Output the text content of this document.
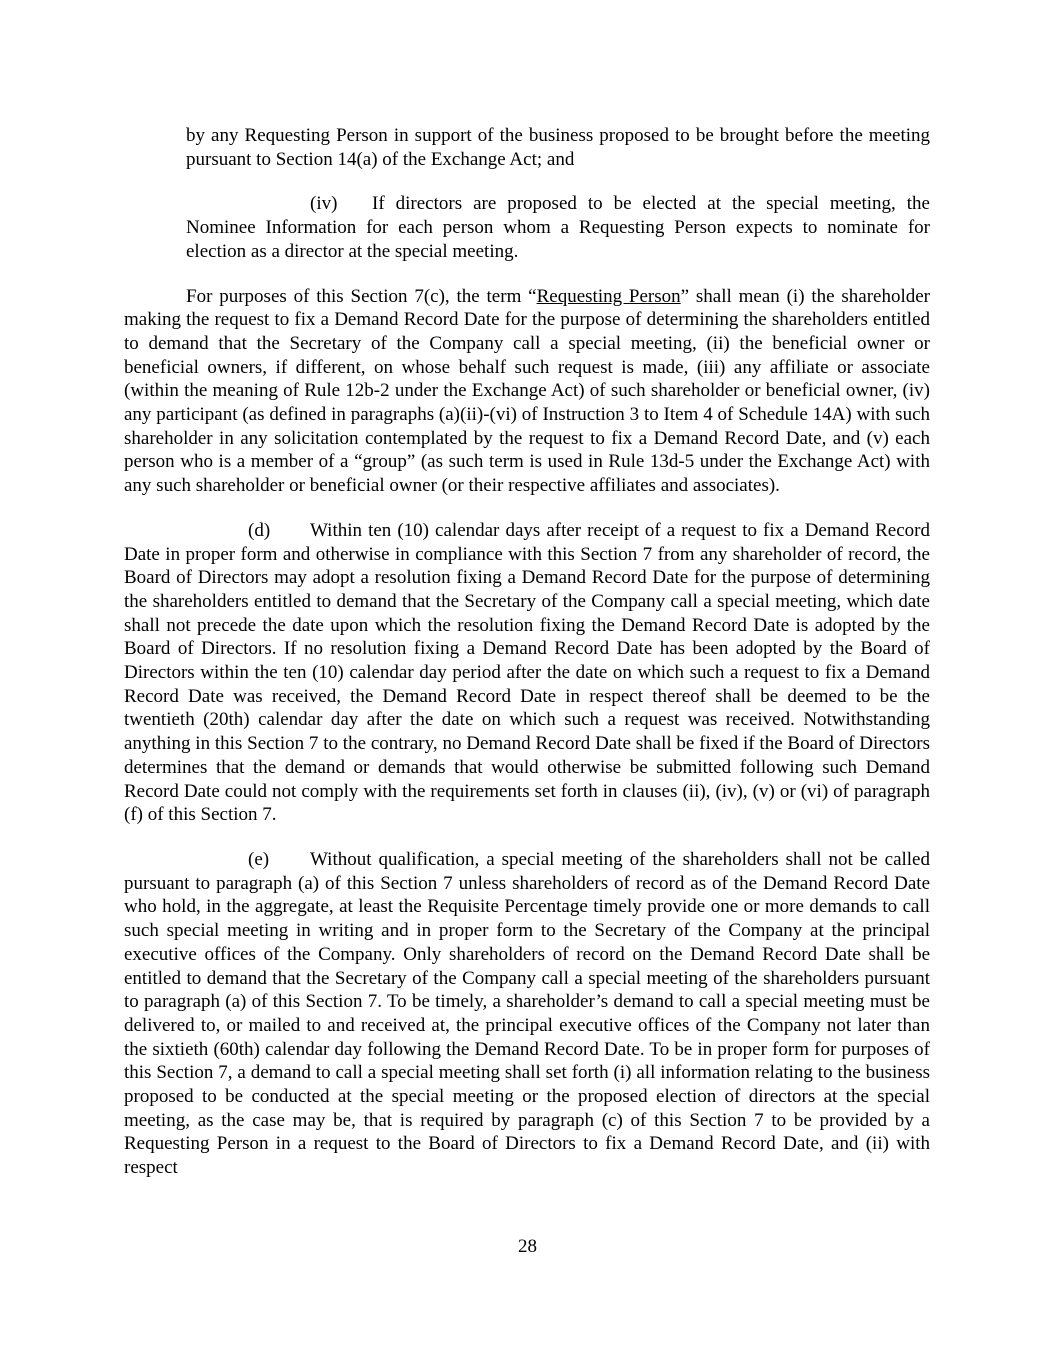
by any Requesting Person in support of the business proposed to be brought before the meeting pursuant to Section 14(a) of the Exchange Act; and

(iv) If directors are proposed to be elected at the special meeting, the Nominee Information for each person whom a Requesting Person expects to nominate for election as a director at the special meeting.

For purposes of this Section 7(c), the term “Requesting Person” shall mean (i) the shareholder making the request to fix a Demand Record Date for the purpose of determining the shareholders entitled to demand that the Secretary of the Company call a special meeting, (ii) the beneficial owner or beneficial owners, if different, on whose behalf such request is made, (iii) any affiliate or associate (within the meaning of Rule 12b-2 under the Exchange Act) of such shareholder or beneficial owner, (iv) any participant (as defined in paragraphs (a)(ii)-(vi) of Instruction 3 to Item 4 of Schedule 14A) with such shareholder in any solicitation contemplated by the request to fix a Demand Record Date, and (v) each person who is a member of a “group” (as such term is used in Rule 13d-5 under the Exchange Act) with any such shareholder or beneficial owner (or their respective affiliates and associates).

(d) Within ten (10) calendar days after receipt of a request to fix a Demand Record Date in proper form and otherwise in compliance with this Section 7 from any shareholder of record, the Board of Directors may adopt a resolution fixing a Demand Record Date for the purpose of determining the shareholders entitled to demand that the Secretary of the Company call a special meeting, which date shall not precede the date upon which the resolution fixing the Demand Record Date is adopted by the Board of Directors. If no resolution fixing a Demand Record Date has been adopted by the Board of Directors within the ten (10) calendar day period after the date on which such a request to fix a Demand Record Date was received, the Demand Record Date in respect thereof shall be deemed to be the twentieth (20th) calendar day after the date on which such a request was received. Notwithstanding anything in this Section 7 to the contrary, no Demand Record Date shall be fixed if the Board of Directors determines that the demand or demands that would otherwise be submitted following such Demand Record Date could not comply with the requirements set forth in clauses (ii), (iv), (v) or (vi) of paragraph (f) of this Section 7.

(e) Without qualification, a special meeting of the shareholders shall not be called pursuant to paragraph (a) of this Section 7 unless shareholders of record as of the Demand Record Date who hold, in the aggregate, at least the Requisite Percentage timely provide one or more demands to call such special meeting in writing and in proper form to the Secretary of the Company at the principal executive offices of the Company. Only shareholders of record on the Demand Record Date shall be entitled to demand that the Secretary of the Company call a special meeting of the shareholders pursuant to paragraph (a) of this Section 7. To be timely, a shareholder’s demand to call a special meeting must be delivered to, or mailed to and received at, the principal executive offices of the Company not later than the sixtieth (60th) calendar day following the Demand Record Date. To be in proper form for purposes of this Section 7, a demand to call a special meeting shall set forth (i) all information relating to the business proposed to be conducted at the special meeting or the proposed election of directors at the special meeting, as the case may be, that is required by paragraph (c) of this Section 7 to be provided by a Requesting Person in a request to the Board of Directors to fix a Demand Record Date, and (ii) with respect

28
